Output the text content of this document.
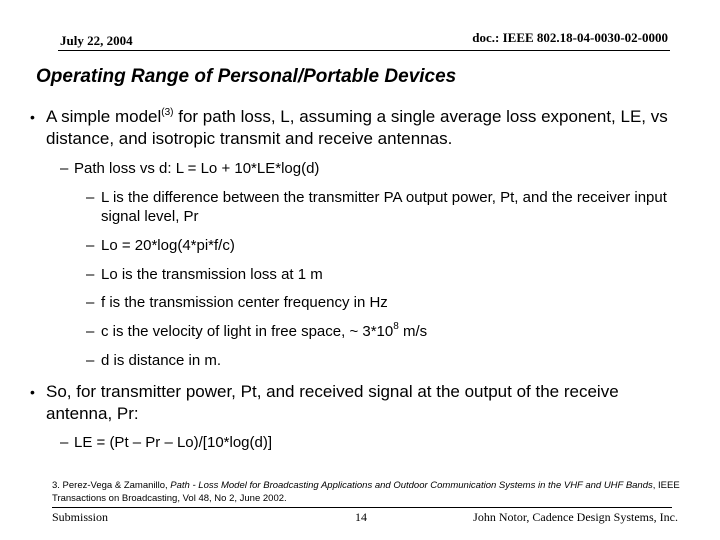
July 22, 2004	doc.: IEEE 802.18-04-0030-02-0000
Operating Range of Personal/Portable Devices
• A simple model$^{(3)}$ for path loss, L, assuming a single average loss exponent, LE, vs distance, and isotropic transmit and receive antennas.
– Path loss vs d: L = Lo + 10*LE*log(d)
– L is the difference between the transmitter PA output power, Pt, and the receiver input signal level, Pr
– Lo = 20*log(4*pi*f/c)
– Lo is the transmission loss at 1 m
– f is the transmission center frequency in Hz
– c is the velocity of light in free space, ~ $3*10^8$ m/s
– d is distance in m.
• So, for transmitter power, Pt, and received signal at the output of the receive antenna, Pr:
– LE = (Pt – Pr – Lo)/[10*log(d)]
3. Perez-Vega & Zamanillo, Path - Loss Model for Broadcasting Applications and Outdoor Communication Systems in the VHF and UHF Bands, IEEE Transactions on Broadcasting, Vol 48, No 2, June 2002.
Submission	14	John Notor, Cadence Design Systems, Inc.
